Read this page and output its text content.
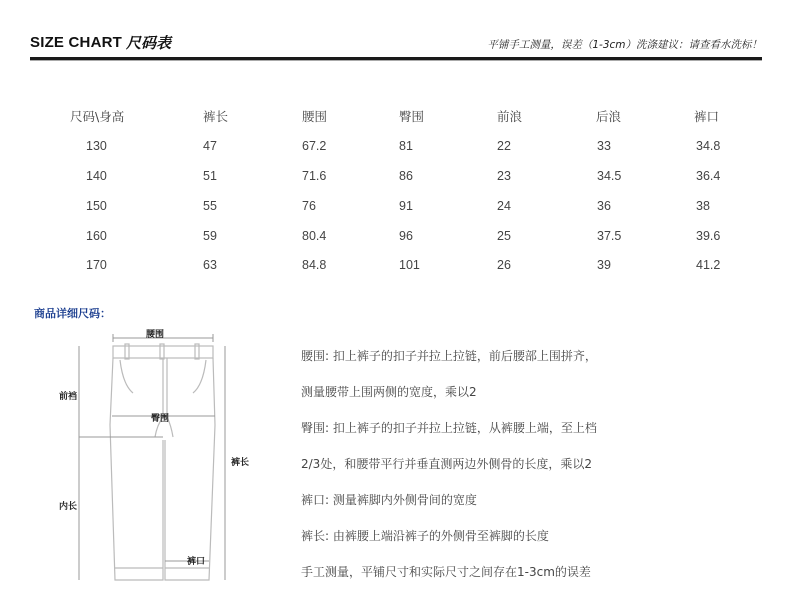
SIZE CHART 尺码表	平铺手工测量，误差（1-3cm）洗涤建议：请查看水洗标！
尺码\身高	裤长	腰围	臀围	前浪	后浪	裤口
130	47	67.2	81	22	33	34.8
140	51	71.6	86	23	34.5	36.4
150	55	76	91	24	36	38
160	59	80.4	96	25	37.5	39.6
170	63	84.8	101	26	39	41.2
商品详细尺码：
腰围
臀围
前裆
内长
裤长
裤口
腰围: 扣上裤子的扣子并拉上拉链，前后腰部上围拼齐，
测量腰带上围两侧的宽度，乘以2
臀围: 扣上裤子的扣子并拉上拉链，从裤腰上端，至上档
2/3处，和腰带平行并垂直测两边外侧骨的长度，乘以2
裤口: 测量裤脚内外侧骨间的宽度
裤长: 由裤腰上端沿裤子的外侧骨至裤脚的长度
手工测量，平铺尺寸和实际尺寸之间存在1-3cm的误差
